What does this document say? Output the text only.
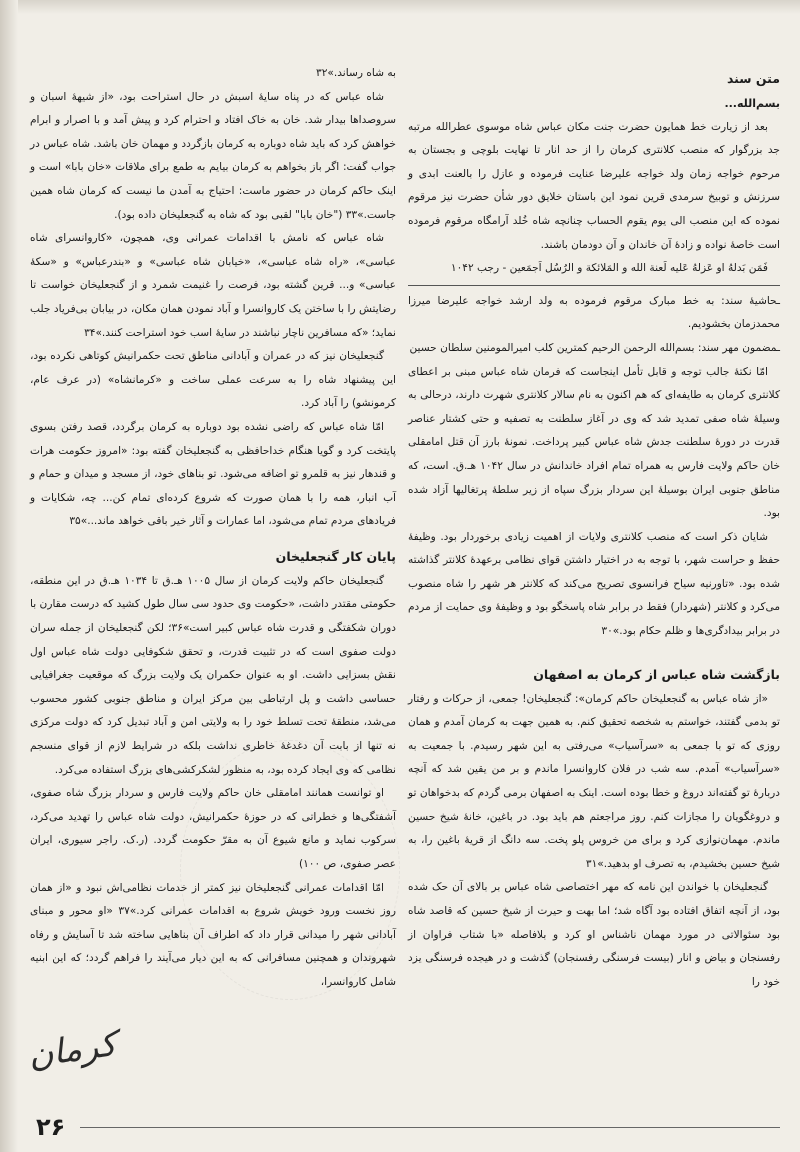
متن سند

بسم‌الله...

بعد از زیارت خط همایون حضرت جنت مکان عباس شاه موسوی عطرالله مرتبه جد بزرگوار که منصب کلانتری کرمان را از حد انار تا نهایت بلوچی و بجستان به مرحوم خواجه زمان ولد خواجه علیرضا عنایت فرموده و عازل را بالعنت ابدی و سرزنش و توبیخ سرمدی قرین نمود این باستان خلایق دور شأن حضرت نیز مرقوم نموده که این منصب الی یوم یقوم الحساب چنانچه شاه خُلد آرامگاه مرقوم فرموده است خاصهٔ نواده و زادهٔ آن خاندان و آن دودمان باشند.

فَمَن بَدلهُ او عَزلهُ عَلیه لَعنة الله و المَلائکة و الرُسُل اَجمَعین - رجب ۱۰۴۲

ـحاشیهٔ سند: به خط مبارک مرقوم فرموده به ولد ارشد خواجه علیرضا میرزا محمدزمان بخشودیم.

ـمضمون مهر سند: بسم‌الله الرحمن الرحیم کمترین کلب امیرالمومنین سلطان حسین

امّا نکتهٔ جالب توجه و قابل تأمل اینجاست که فرمان شاه عباس مبنی بر اعطای کلانتری کرمان به طایفه‌ای که هم اکنون به نام سالار کلانتری شهرت دارند، درحالی به وسیلهٔ شاه صفی تمدید شد که وی در آغاز سلطنت به تصفیه و حتی کشتار عناصر قدرت در دورهٔ سلطنت جدش شاه عباس کبیر پرداخت. نمونهٔ بارز آن قتل امامقلی خان حاکم ولایت فارس به همراه تمام افراد خاندانش در سال ۱۰۴۲ هـ.ق. است، که مناطق جنوبی ایران بوسیلهٔ این سردار بزرگ سپاه از زیر سلطهٔ پرتغالیها آزاد شده بود.

شایان ذکر است که منصب کلانتری ولایات از اهمیت زیادی برخوردار بود. وظیفهٔ حفظ و حراست شهر، با توجه به در اختیار داشتن قوای نظامی برعهدهٔ کلانتر گذاشته شده بود. «تاورنیه سیاح فرانسوی تصریح می‌کند که کلانتر هر شهر را شاه منصوب می‌کرد و کلانتر (شهردار) فقط در برابر شاه پاسخگو بود و وظیفهٔ وی حمایت از مردم در برابر بیدادگری‌ها و ظلم حکام بود.»۳۰

بازگشت شاه عباس از کرمان به اصفهان

«از شاه عباس به گنجعلیخان حاکم کرمان»: گنجعلیخان! جمعی، از حرکات و رفتار تو بدمی گفتند، خواستم به شخصه تحقیق کنم. به همین جهت به کرمان آمدم و همان روزی که تو با جمعی به «سرآسیاب» می‌رفتی به این شهر رسیدم. با جمعیت به «سرآسیاب» آمدم. سه شب در فلان کاروانسرا ماندم و بر من یقین شد که آنچه دربارهٔ تو گفته‌اند دروغ و خطا بوده است. اینک به اصفهان برمی گردم که بدخواهان تو و دروغگویان را مجازات کنم. روز مراجعتم هم باید بود. در باغین، خانهٔ شیخ حسین ماندم. مهمان‌نوازی کرد و برای من خروس پلو پخت. سه دانگ از قریهٔ باغین را، به شیخ حسین بخشیدم، به تصرف او بدهید.»۳۱

گنجعلیخان با خواندن این نامه که مهر اختصاصی شاه عباس بر بالای آن حک شده بود، از آنچه اتفاق افتاده بود آگاه شد؛ اما بهت و حیرت از شیخ حسین که قاصد شاه بود سئوالاتی در مورد مهمان ناشناس او کرد و بلافاصله «با شتاب فراوان از رفسنجان و بیاض و انار (بیست فرسنگی رفسنجان) گذشت و در هیجده فرسنگی یزد خود را

به شاه رساند.»۳۲

شاه عباس که در پناه سایهٔ اسبش در حال استراحت بود، «از شیههٔ اسبان و سروصداها بیدار شد. خان به خاک افتاد و احترام کرد و پیش آمد و با اصرار و ابرام خواهش کرد که باید شاه دوباره به کرمان بازگردد و مهمان خان باشد. شاه عباس در جواب گفت: اگر باز بخواهم به کرمان بیایم به طمع برای ملاقات «خان بابا» است و اینک حاکم کرمان در حضور ماست: احتیاج به آمدن ما نیست که کرمان شاه همین جاست.»۳۳ ("خان بابا" لقبی بود که شاه به گنجعلیخان داده بود).

شاه عباس که نامش با اقدامات عمرانی وی، همچون، «کاروانسرای شاه عباسی»، «راه شاه عباسی»، «خیابان شاه عباسی» و «بندرعباس» و «سکهٔ عباسی» و... قرین گشته بود، فرصت را غنیمت شمرد و از گنجعلیخان خواست تا رضایتش را با ساختن یک کاروانسرا و آباد نمودن همان مکان، در بیابان بی‌فریاد جلب نماید؛ «که مسافرین ناچار نباشند در سایهٔ اسب خود استراحت کنند.»۳۴

گنجعلیخان نیز که در عمران و آبادانی مناطق تحت حکمرانیش کوتاهی نکرده بود، این پیشنهاد شاه را به سرعت عملی ساخت و «کرمانشاه» (در عرف عام، کرمونشو) را آباد کرد.

امّا شاه عباس که راضی نشده بود دوباره به کرمان برگردد، قصد رفتن بسوی پایتخت کرد و گویا هنگام خداحافظی به گنجعلیخان گفته بود: «امروز حکومت هرات و قندهار نیز به قلمرو تو اضافه می‌شود. تو بناهای خود، از مسجد و میدان و حمام و آب انبار، همه را با همان صورت که شروع کرده‌ای تمام کن... چه، شکایات و فریادهای مردم تمام می‌شود، اما عمارات و آثار خیر باقی خواهد ماند...»۳۵

پایان کار گنجعلیخان

گنجعلیخان حاکم ولایت کرمان از سال ۱۰۰۵ هـ.ق تا ۱۰۳۴ هـ.ق در این منطقه، حکومتی مقتدر داشت، «حکومت وی حدود سی سال طول کشید که درست مقارن با دوران شکفتگی و قدرت شاه عباس کبیر است»۳۶؛ لکن گنجعلیخان از جمله سران دولت صفوی است که در تثبیت قدرت، و تحقق شکوفایی دولت شاه عباس اول نقش بسزایی داشت. او به عنوان حکمران یک ولایت بزرگ که موقعیت جغرافیایی حساسی داشت و پل ارتباطی بین مرکز ایران و مناطق جنوبی کشور محسوب می‌شد، منطقهٔ تحت تسلط خود را به ولایتی امن و آباد تبدیل کرد که دولت مرکزی نه تنها از بابت آن دغدغهٔ خاطری نداشت بلکه در شرایط لازم از قوای منسجم نظامی که وی ایجاد کرده بود، به منظور لشکرکشی‌های بزرگ استفاده می‌کرد.

او توانست همانند امامقلی خان حاکم ولایت فارس و سردار بزرگ شاه صفوی، آشفتگی‌ها و خطراتی که در حوزهٔ حکمرانیش، دولت شاه عباس را تهدید می‌کرد، سرکوب نماید و مانع شیوع آن به مقرّ حکومت گردد. (ر.ک. راجر سیوری، ایران عصر صفوی، ص ۱۰۰)

امّا اقدامات عمرانی گنجعلیخان نیز کمتر از خدمات نظامی‌اش نبود و «از همان روز نخست ورود خویش شروع به اقدامات عمرانی کرد.»۳۷ «او محور و مبنای آبادانی شهر را میدانی قرار داد که اطراف آن بناهایی ساخته شد تا آسایش و رفاه شهروندان و همچنین مسافرانی که به این دیار می‌آیند را فراهم گردد؛ که این ابنیه شامل کاروانسرا،

کرمان
۲۶
